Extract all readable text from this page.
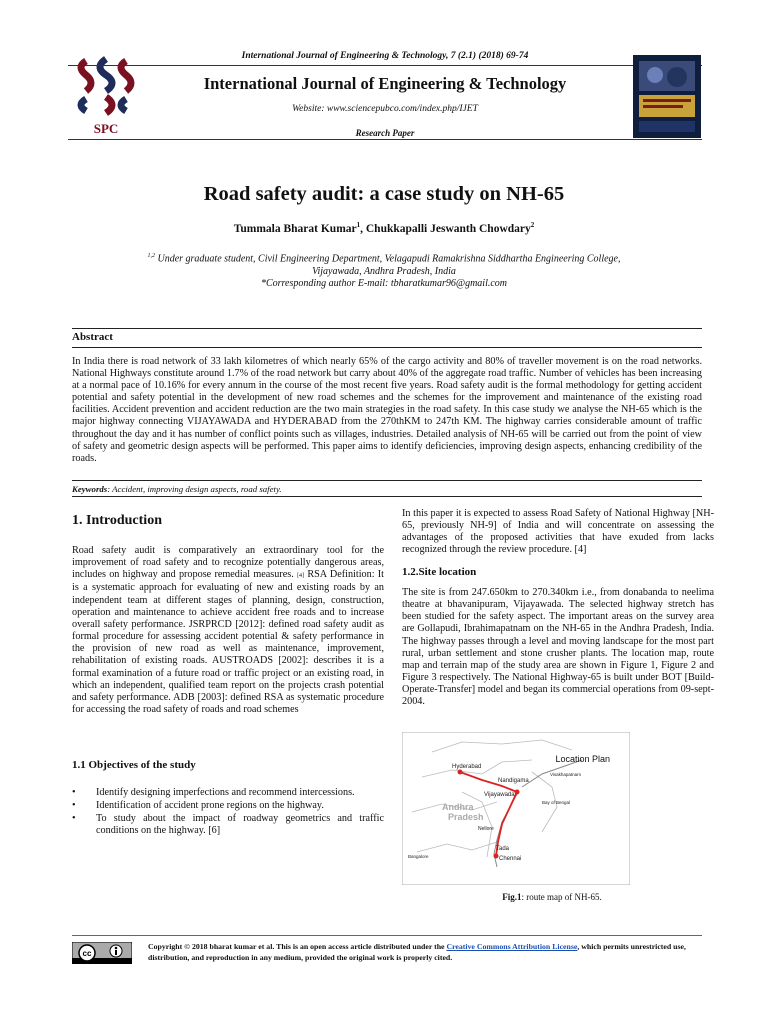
SPC
International Journal of Engineering & Technology, 7 (2.1) (2018) 69-74
International Journal of Engineering & Technology
Website: www.sciencepubco.com/index.php/IJET
Research Paper
Road safety audit: a case study on NH-65
Tummala Bharat Kumar$^1$, Chukkapalli Jeswanth Chowdary$^2$
$^{1,2}$ Under graduate student, Civil Engineering Department, Velagapudi Ramakrishna Siddhartha Engineering College,
Vijayawada, Andhra Pradesh, India
*Corresponding author E-mail: tbharatkumar96@gmail.com
Abstract
In India there is road network of 33 lakh kilometres of which nearly 65% of the cargo activity and 80% of traveller movement is on the road networks. National Highways constitute around 1.7% of the road network but carry about 40% of the aggregate road traffic. Number of vehicles has been increasing at a normal pace of 10.16% for every annum in the course of the most recent five years. Road safety audit is the formal methodology for getting accident potential and safety potential in the development of new road schemes and the schemes for the improvement and maintenance of the existing road facilities. Accident prevention and accident reduction are the two main strategies in the road safety. In this case study we analyse the NH-65 which is the major highway connecting VIJAYAWADA and HYDERABAD from the 270thKM to 247th KM. The highway carries considerable amount of traffic throughout the day and it has number of conflict points such as villages, industries. Detailed analysis of NH-65 will be carried out from the point of view of safety and geometric design aspects will be performed. This paper aims to identify deficiencies, improving design aspects, enhancing credibility of the roads.
Keywords: Accident, improving design aspects, road safety.
1. Introduction
Road safety audit is comparatively an extraordinary tool for the improvement of road safety and to recognize potentially dangerous areas, includes on highway and propose remedial measures. [4] RSA Definition: It is a systematic approach for evaluating of new and existing roads by an independent team at different stages of planning, design, construction, operation and maintenance to achieve accident free roads and to increase overall safety performance. JSRPRCD [2012]: defined road safety audit as formal procedure for assessing accident potential & safety performance in the provision of new road as well as maintenance, improvement, rehabilitation of existing roads. AUSTROADS [2002]: describes it is a formal examination of a future road or traffic project or an existing road, in which an independent, qualified team report on the projects crash potential and safety performance. ADB [2003]: defined RSA as systematic procedure for accessing the road safety of roads and road schemes
1.1 Objectives of the study
• Identify designing imperfections and recommend intercessions.
• Identification of accident prone regions on the highway.
• To study about the impact of roadway geometrics and traffic conditions on the highway. [6]
In this paper it is expected to assess Road Safety of National Highway [NH-65, previously NH-9] of India and will concentrate on assessing the advantages of the proposed activities that have exuded from lacks recognized through the review procedure. [4]
1.2.Site location
The site is from 247.650km to 270.340km i.e., from donabanda to neelima theatre at bhavanipuram, Vijayawada. The selected highway stretch has been studied for the safety aspect. The important areas on the survey area are Gollapudi, Ibrahimapatnam on the NH-65 in the Andhra Pradesh, India. The highway passes through a level and moving landscape for the most part rural, urban settlement and stone crusher plants. The location map, route map and terrain map of the study area are shown in Figure 1, Figure 2 and Figure 3 respectively. The National Highway-65 is built under BOT [Build-Operate-Transfer] model and began its commercial operations from 09-sept-2004.
Location Plan
Hyderabad
Nandigama
Vijayawada
Visakhapatnam
Andhra
Pradesh
Nellore
Tada
Chennai
Bangalore
Bay of Bengal
Fig.1: route map of NH-65.
cc
Copyright © 2018 bharat kumar et al. This is an open access article distributed under the Creative Commons Attribution License, which permits unrestricted use, distribution, and reproduction in any medium, provided the original work is properly cited.
